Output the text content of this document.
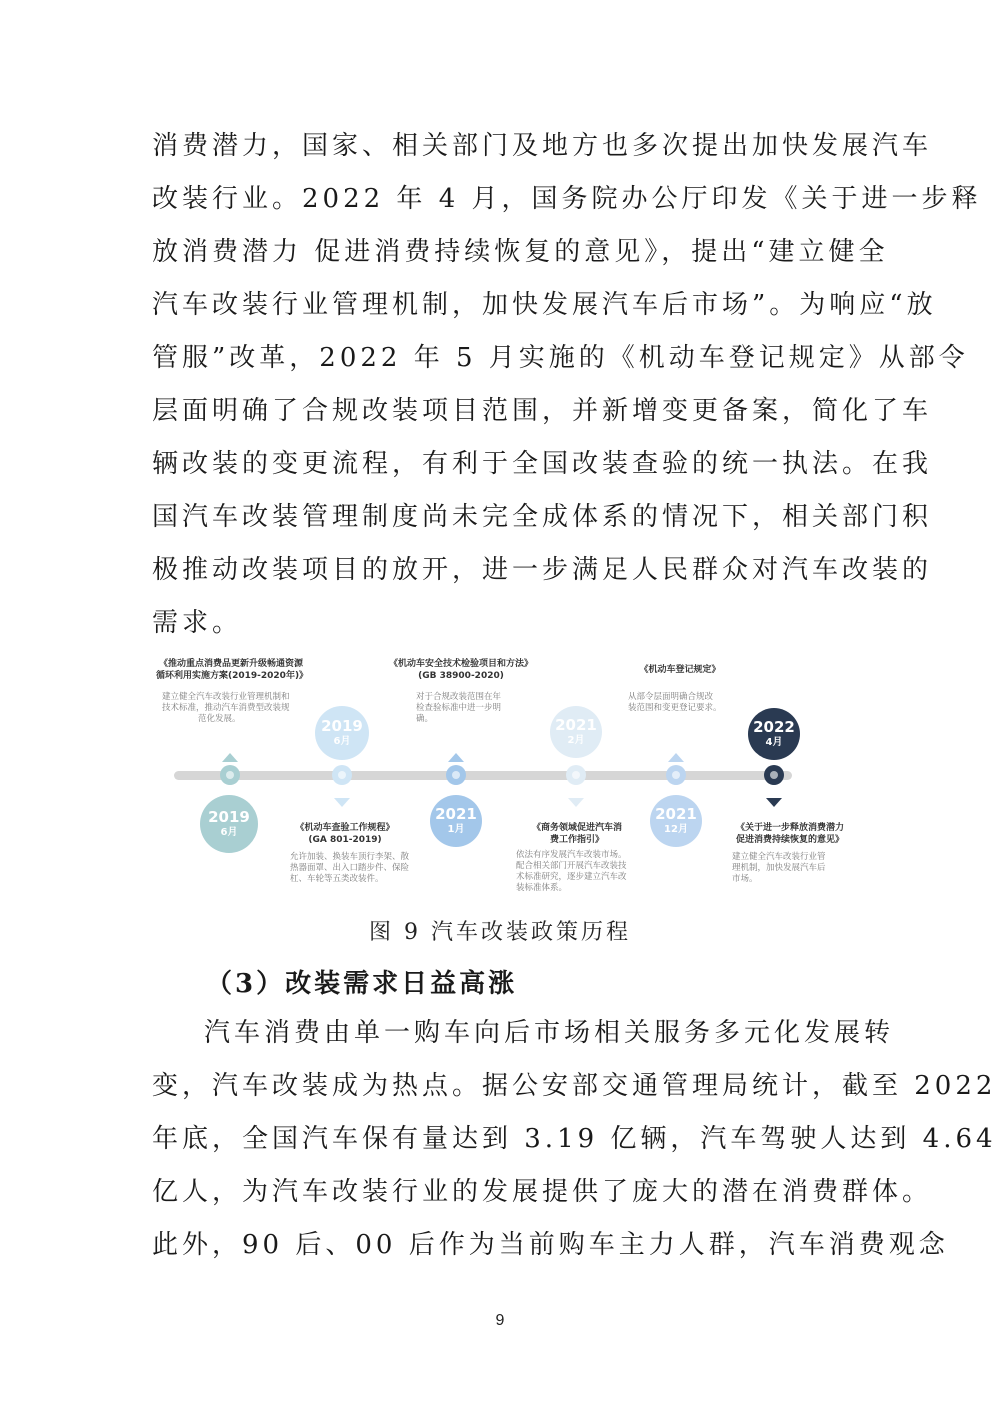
消费潜力，国家、相关部门及地方也多次提出加快发展汽车
改装行业。2022 年 4 月，国务院办公厅印发《关于进一步释
放消费潜力 促进消费持续恢复的意见》，提出“建立健全
汽车改装行业管理机制，加快发展汽车后市场”。为响应“放
管服”改革，2022 年 5 月实施的《机动车登记规定》从部令
层面明确了合规改装项目范围，并新增变更备案，简化了车
辆改装的变更流程，有利于全国改装查验的统一执法。在我
国汽车改装管理制度尚未完全成体系的情况下，相关部门积
极推动改装项目的放开，进一步满足人民群众对汽车改装的
需求。
《推动重点消费品更新升级畅通资源
循环利用实施方案(2019-2020年)》
建立健全汽车改装行业管理机制和
技术标准，推动汽车消费型改装规
范化发展。
2019
6月
2019
6月
《机动车查验工作规程》
(GA 801-2019)
允许加装、换装车顶行李架、散
热器面罩、出入口踏步件、保险
杠、车轮等五类改装件。
《机动车安全技术检验项目和方法》
(GB 38900-2020)
对于合规改装范围在年
检查验标准中进一步明
确。
2021
1月
2021
2月
《商务领域促进汽车消
费工作指引》
依法有序发展汽车改装市场。
配合相关部门开展汽车改装技
术标准研究，逐步建立汽车改
装标准体系。
《机动车登记规定》
从部令层面明确合规改
装范围和变更登记要求。
2021
12月
2022
4月
《关于进一步释放消费潜力
促进消费持续恢复的意见》
建立健全汽车改装行业管
理机制，加快发展汽车后
市场。
图 9 汽车改装政策历程
（3）改装需求日益高涨
汽车消费由单一购车向后市场相关服务多元化发展转
变，汽车改装成为热点。据公安部交通管理局统计，截至 2022
年底，全国汽车保有量达到 3.19 亿辆，汽车驾驶人达到 4.64
亿人，为汽车改装行业的发展提供了庞大的潜在消费群体。
此外，90 后、00 后作为当前购车主力人群，汽车消费观念
9
